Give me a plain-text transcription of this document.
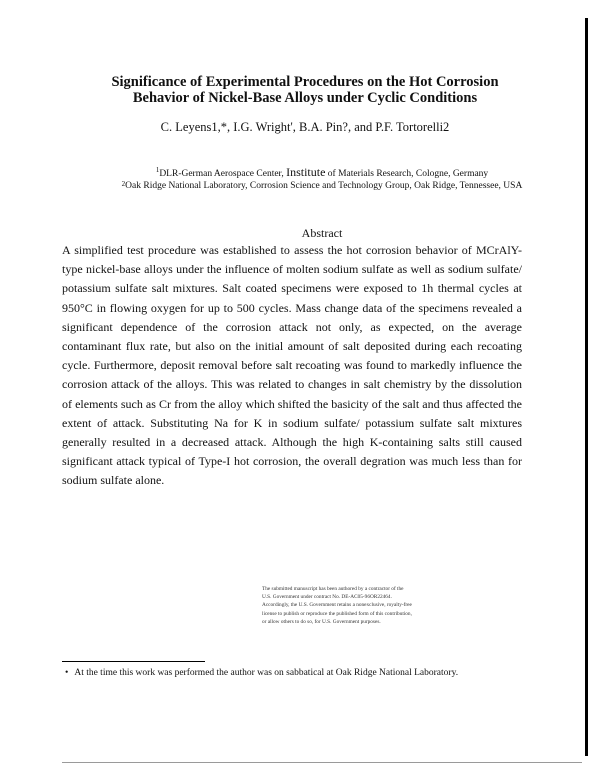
Significance of Experimental Procedures on the Hot Corrosion
Behavior of Nickel-Base Alloys under Cyclic Conditions
C. Leyens1,*, I.G. Wright', B.A. Pin?, and P.F. Tortorelli2
$^1$DLR-German Aerospace Center, Institute of Materials Research, Cologne, Germany
$^2$Oak Ridge National Laboratory, Corrosion Science and Technology Group, Oak Ridge, Tennessee, USA
Abstract
A simplified test procedure was established to assess the hot corrosion behavior of MCrAlY-type nickel-base alloys under the influence of molten sodium sulfate as well as sodium sulfate/ potassium sulfate salt mixtures. Salt coated specimens were exposed to 1h thermal cycles at 950°C in flowing oxygen for up to 500 cycles. Mass change data of the specimens revealed a significant dependence of the corrosion attack not only, as expected, on the average contaminant flux rate, but also on the initial amount of salt deposited during each recoating cycle. Furthermore, deposit removal before salt recoating was found to markedly influence the corrosion attack of the alloys. This was related to changes in salt chemistry by the dissolution of elements such as Cr from the alloy which shifted the basicity of the salt and thus affected the extent of attack. Substituting Na for K in sodium sulfate/ potassium sulfate salt mixtures generally resulted in a decreased attack. Although the high K-containing salts still caused significant attack typical of Type-I hot corrosion, the overall degration was much less than for sodium sulfate alone.
The submitted manuscript has been authored by a contractor of the U.S. Government under contract No. DE-AC05-96OR22464. Accordingly, the U.S. Government retains a nonexclusive, royalty-free license to publish or reproduce the published form of this contribution, or allow others to do so, for U.S. Government purposes.
• At the time this work was performed the author was on sabbatical at Oak Ridge National Laboratory.
